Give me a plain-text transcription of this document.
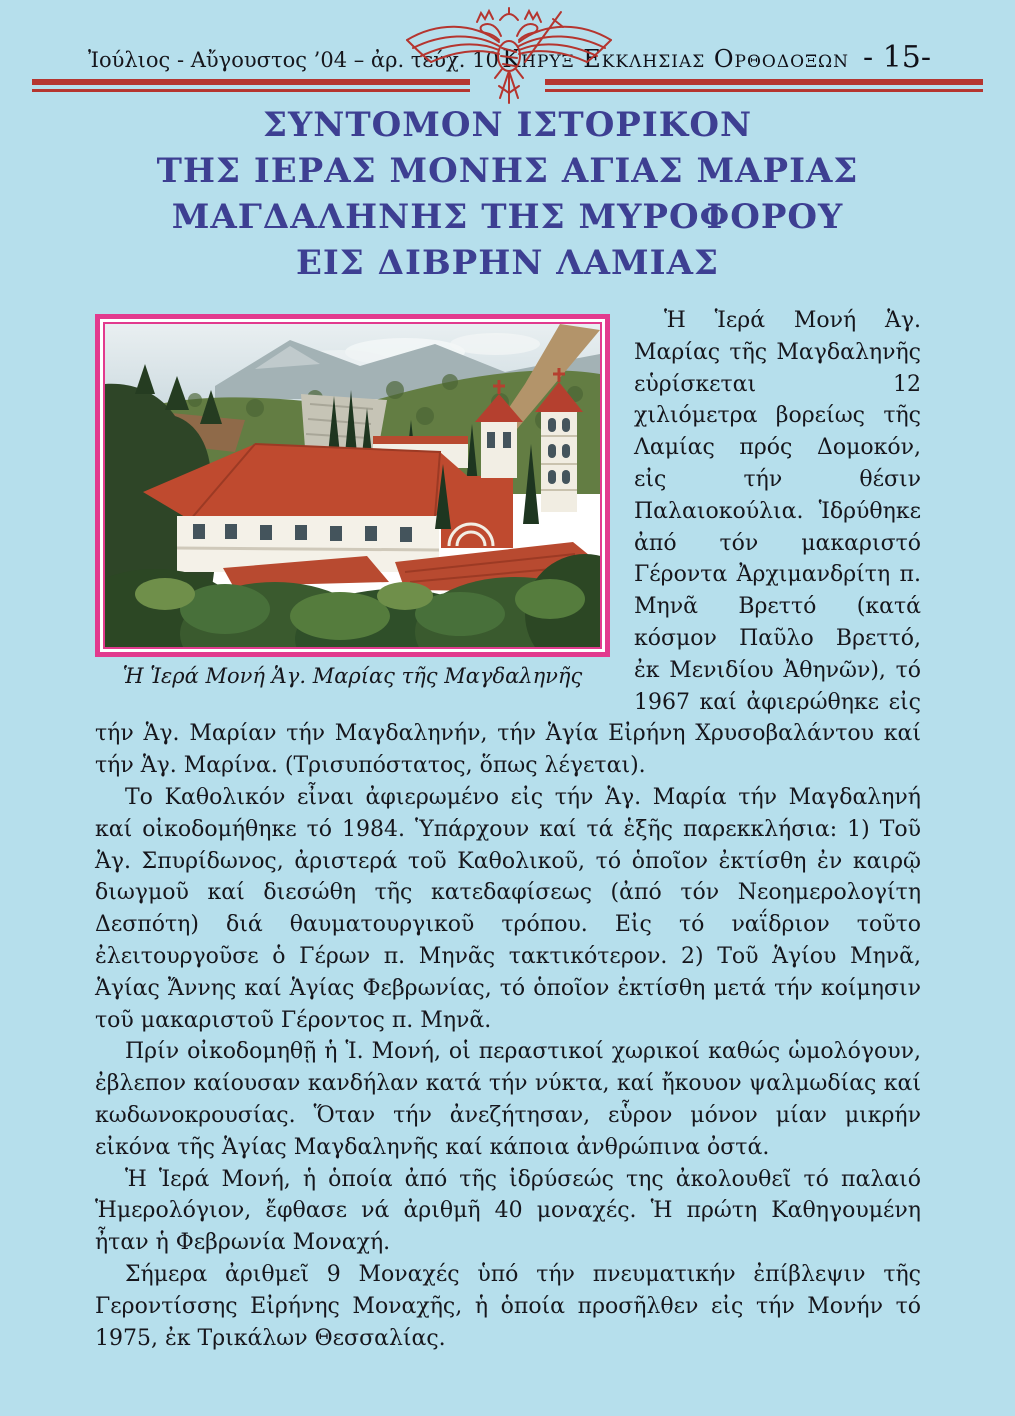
Ἰούλιος - Αὔγουστος ’04 – ἀρ. τεύχ. 10 Κηρυξ Εκκλησιας Ορθοδοξων - 15-
ΣΥΝΤΟΜΟΝ ΙΣΤΟΡΙΚΟΝ
ΤΗΣ ΙΕΡΑΣ ΜΟΝΗΣ ΑΓΙΑΣ ΜΑΡΙΑΣ
ΜΑΓΔΑΛΗΝΗΣ ΤΗΣ ΜΥΡΟΦΟΡΟΥ
ΕΙΣ ΔΙΒΡΗΝ ΛΑΜΙΑΣ
Ἡ Ἱερά Μονή Ἁγ. Μαρίας τῆς Μαγδαληνῆς

Ἡ Ἱερά Μονή Ἁγ. Μαρίας τῆς Μαγδαληνῆς εὑρίσκεται 12 χιλιόμετρα βορείως τῆς Λαμίας πρός Δομοκόν, εἰς τήν θέσιν Παλαιοκούλια. Ἱδρύθηκε ἀπό τόν μακαριστό Γέροντα Ἀρχιμανδρίτη π. Μηνᾶ Βρεττό (κατά κόσμον Παῦλο Βρεττό, ἐκ Μενιδίου Ἀθηνῶν), τό 1967 καί ἀφιερώθηκε εἰς τήν Ἁγ. Μαρίαν τήν Μαγδαληνήν, τήν Ἁγία Εἰρήνη Χρυσοβαλάντου καί τήν Ἁγ. Μαρίνα. (Τρισυπόστατος, ὅπως λέγεται).

Το Καθολικόν εἶναι ἀφιερωμένο εἰς τήν Ἁγ. Μαρία τήν Μαγδαληνή καί οἰκοδομήθηκε τό 1984. Ὑπάρχουν καί τά ἑξῆς παρεκκλήσια: 1) Τοῦ Ἁγ. Σπυρίδωνος, ἀριστερά τοῦ Καθολικοῦ, τό ὁποῖον ἐκτίσθη ἐν καιρῷ διωγμοῦ καί διεσώθη τῆς κατεδαφίσεως (ἀπό τόν Νεοημερολογίτη Δεσπότη) διά θαυματουργικοῦ τρόπου. Εἰς τό ναΐδριον τοῦτο ἐλειτουργοῦσε ὁ Γέρων π. Μηνᾶς τακτικότερον. 2) Τοῦ Ἁγίου Μηνᾶ, Ἁγίας Ἄννης καί Ἁγίας Φεβρωνίας, τό ὁποῖον ἐκτίσθη μετά τήν κοίμησιν τοῦ μακαριστοῦ Γέροντος π. Μηνᾶ.

Πρίν οἰκοδομηθῇ ἡ Ἱ. Μονή, οἱ περαστικοί χωρικοί καθώς ὡμολόγουν, ἐβλεπον καίουσαν κανδήλαν κατά τήν νύκτα, καί ἤκουον ψαλμωδίας καί κωδωνοκρουσίας. Ὅταν τήν ἀνεζήτησαν, εὗρον μόνον μίαν μικρήν εἰκόνα τῆς Ἁγίας Μαγδαληνῆς καί κάποια ἀνθρώπινα ὀστά.

Ἡ Ἱερά Μονή, ἡ ὁποία ἀπό τῆς ἱδρύσεώς της ἀκολουθεῖ τό παλαιό Ἡμερολόγιον, ἔφθασε νά ἀριθμῆ 40 μοναχές. Ἡ πρώτη Καθηγουμένη ἦταν ἡ Φεβρωνία Μοναχή.

Σήμερα ἀριθμεῖ 9 Μοναχές ὑπό τήν πνευματικήν ἐπίβλεψιν τῆς Γεροντίσσης Εἰρήνης Μοναχῆς, ἡ ὁποία προσῆλθεν εἰς τήν Μονήν τό 1975, ἐκ Τρικάλων Θεσσαλίας.
